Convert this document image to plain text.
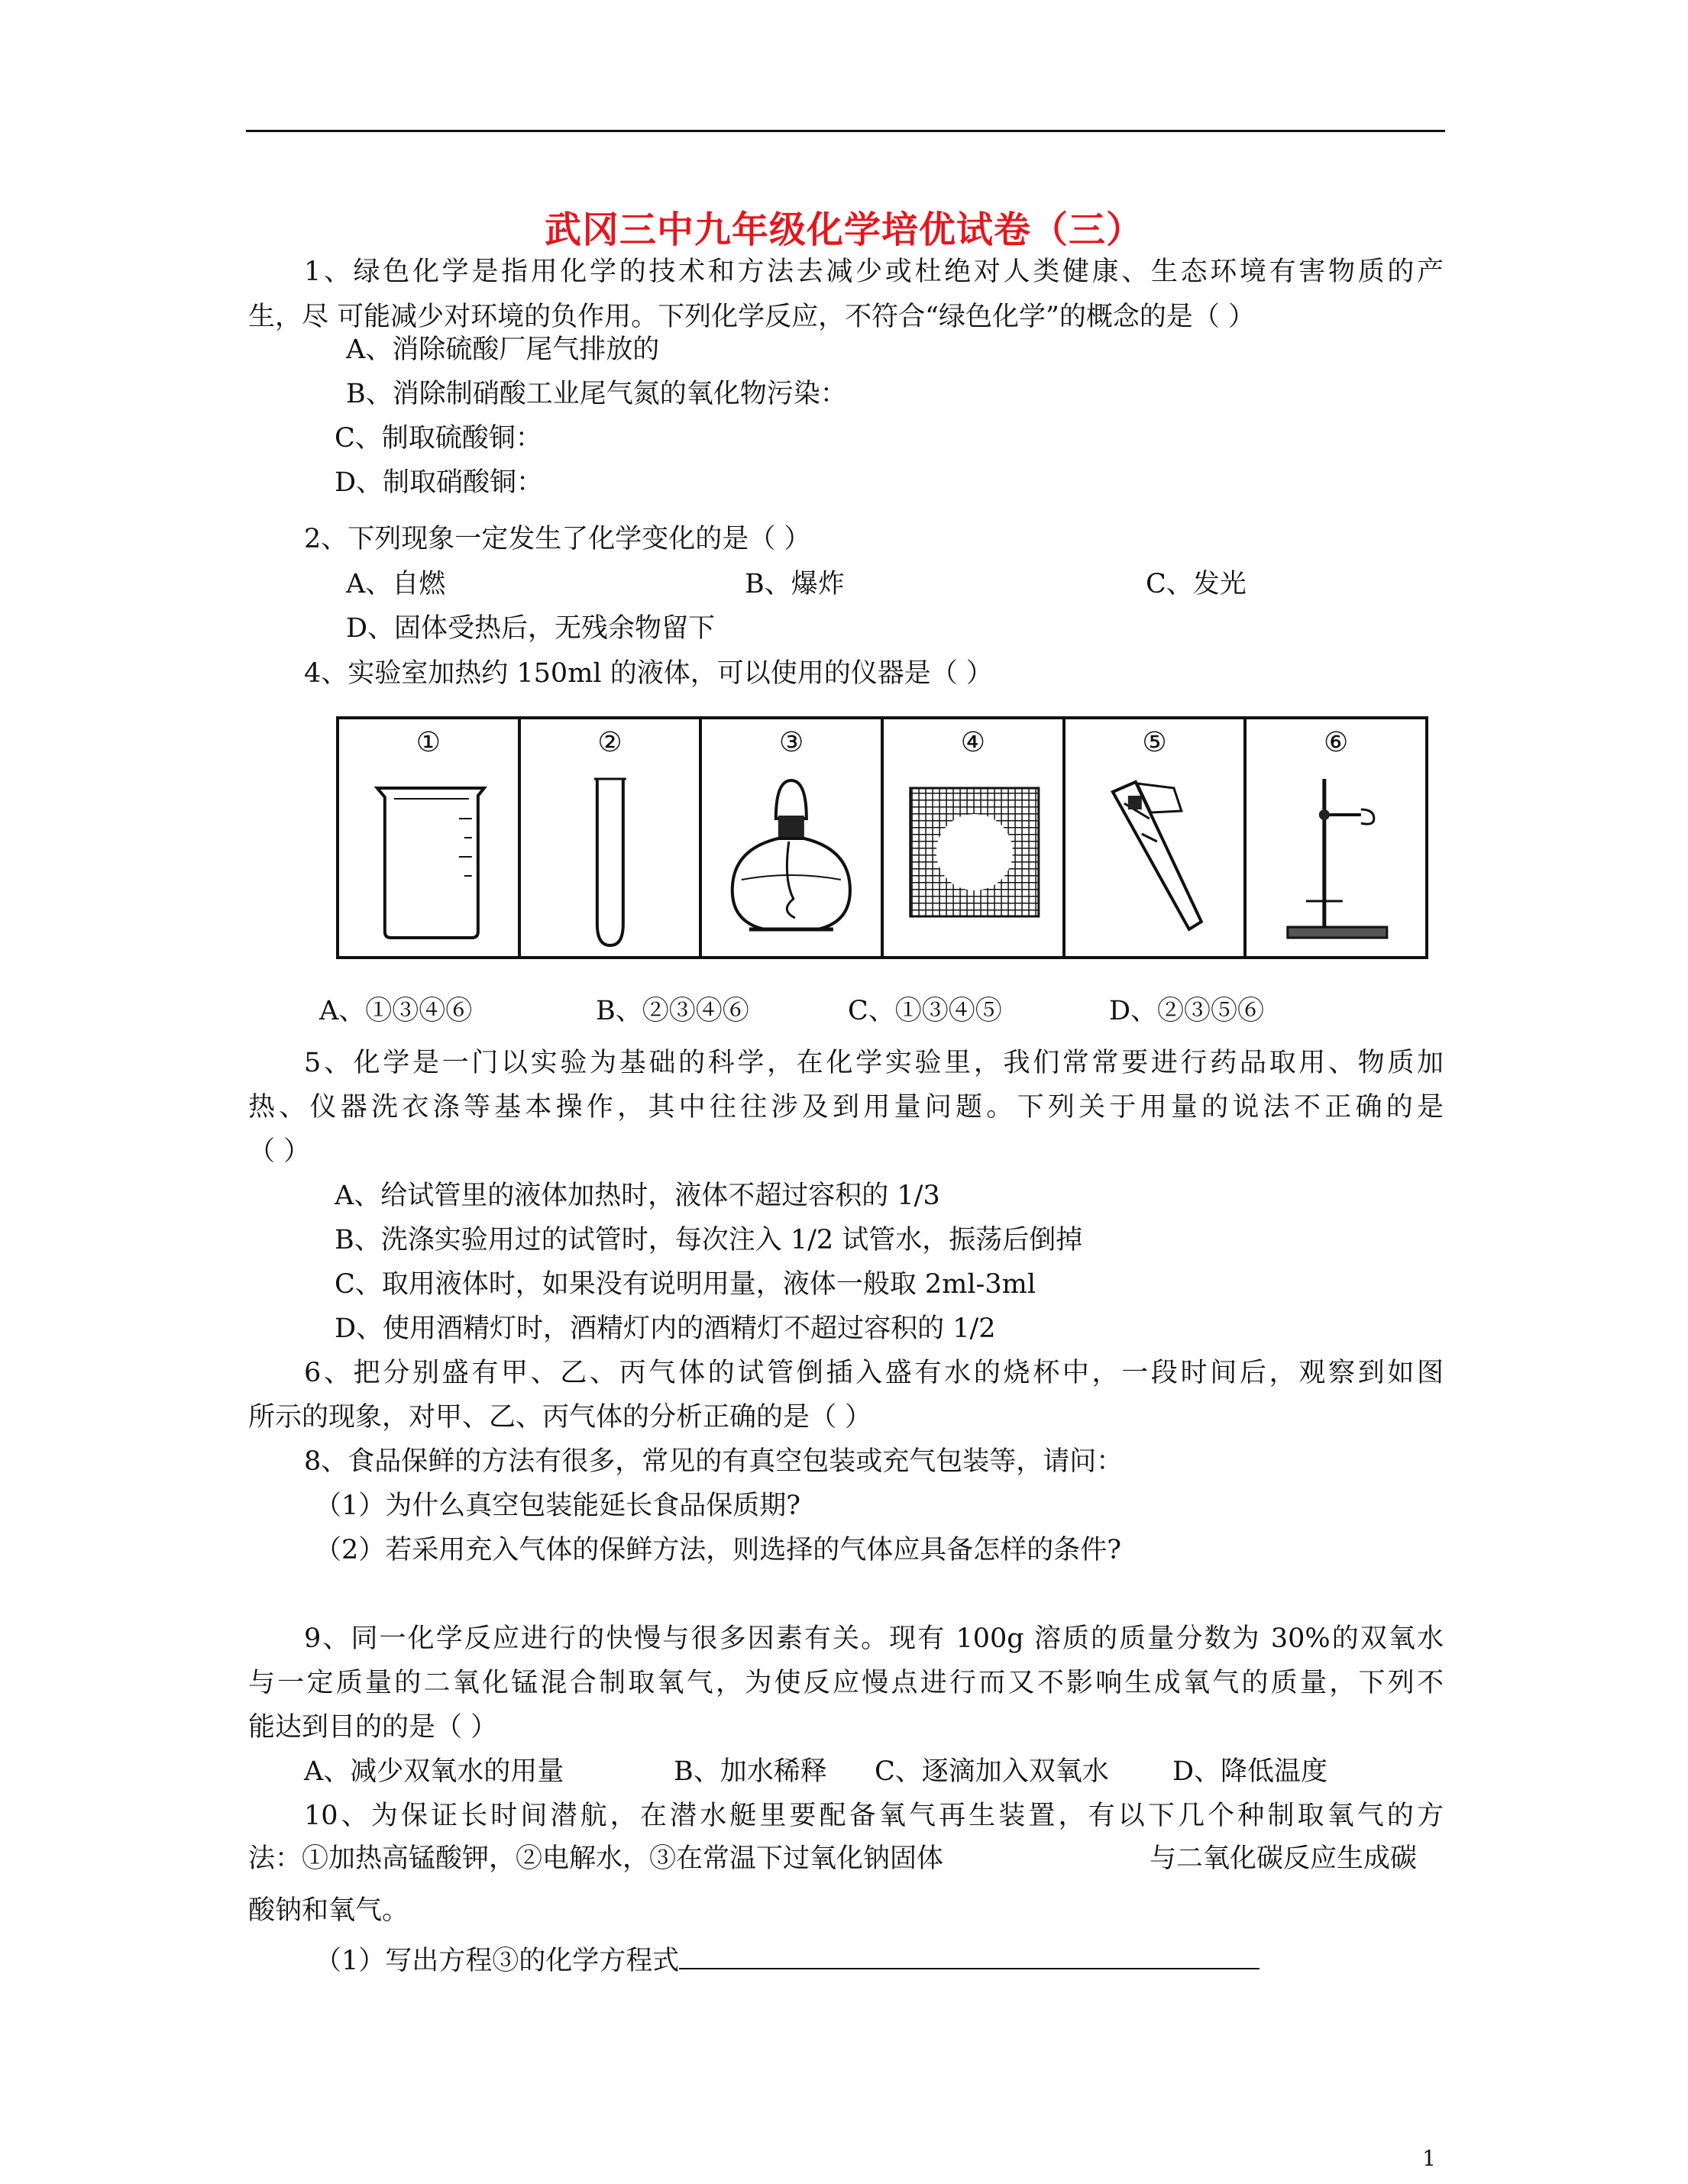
武冈三中九年级化学培优试卷（三）
1、绿色化学是指用化学的技术和方法去减少或杜绝对人类健康、生态环境有害物质的产
生，尽 可能减少对环境的负作用。下列化学反应，不符合“绿色化学”的概念的是（ ）
A、消除硫酸厂尾气排放的
B、消除制硝酸工业尾气氮的氧化物污染：
C、制取硫酸铜：
D、制取硝酸铜：
2、下列现象一定发生了化学变化的是（ ）
A、自燃	B、爆炸	C、发光
D、固体受热后，无残余物留下
4、实验室加热约 150ml 的液体，可以使用的仪器是（ ）
①	②	③	④	⑤	⑥
A、①③④⑥	B、②③④⑥	C、①③④⑤	D、②③⑤⑥
5、化学是一门以实验为基础的科学，在化学实验里，我们常常要进行药品取用、物质加
热、仪器洗衣涤等基本操作，其中往往涉及到用量问题。下列关于用量的说法不正确的是
（ ）
A、给试管里的液体加热时，液体不超过容积的 1/3
B、洗涤实验用过的试管时，每次注入 1/2 试管水，振荡后倒掉
C、取用液体时，如果没有说明用量，液体一般取 2ml-3ml
D、使用酒精灯时，酒精灯内的酒精灯不超过容积的 1/2
6、把分别盛有甲、乙、丙气体的试管倒插入盛有水的烧杯中，一段时间后，观察到如图
所示的现象，对甲、乙、丙气体的分析正确的是（ ）
8、食品保鲜的方法有很多，常见的有真空包装或充气包装等，请问：
（1）为什么真空包装能延长食品保质期?
（2）若采用充入气体的保鲜方法，则选择的气体应具备怎样的条件?
9、同一化学反应进行的快慢与很多因素有关。现有 100g 溶质的质量分数为 30%的双氧水
与一定质量的二氧化锰混合制取氧气，为使反应慢点进行而又不影响生成氧气的质量，下列不
能达到目的的是（ ）
A、减少双氧水的用量	B、加水稀释 C、逐滴加入双氧水 D、降低温度
10、为保证长时间潜航，在潜水艇里要配备氧气再生装置，有以下几个种制取氧气的方
法：①加热高锰酸钾，②电解水，③在常温下过氧化钠固体	与二氧化碳反应生成碳
酸钠和氧气。
（1）写出方程③的化学方程式
1
